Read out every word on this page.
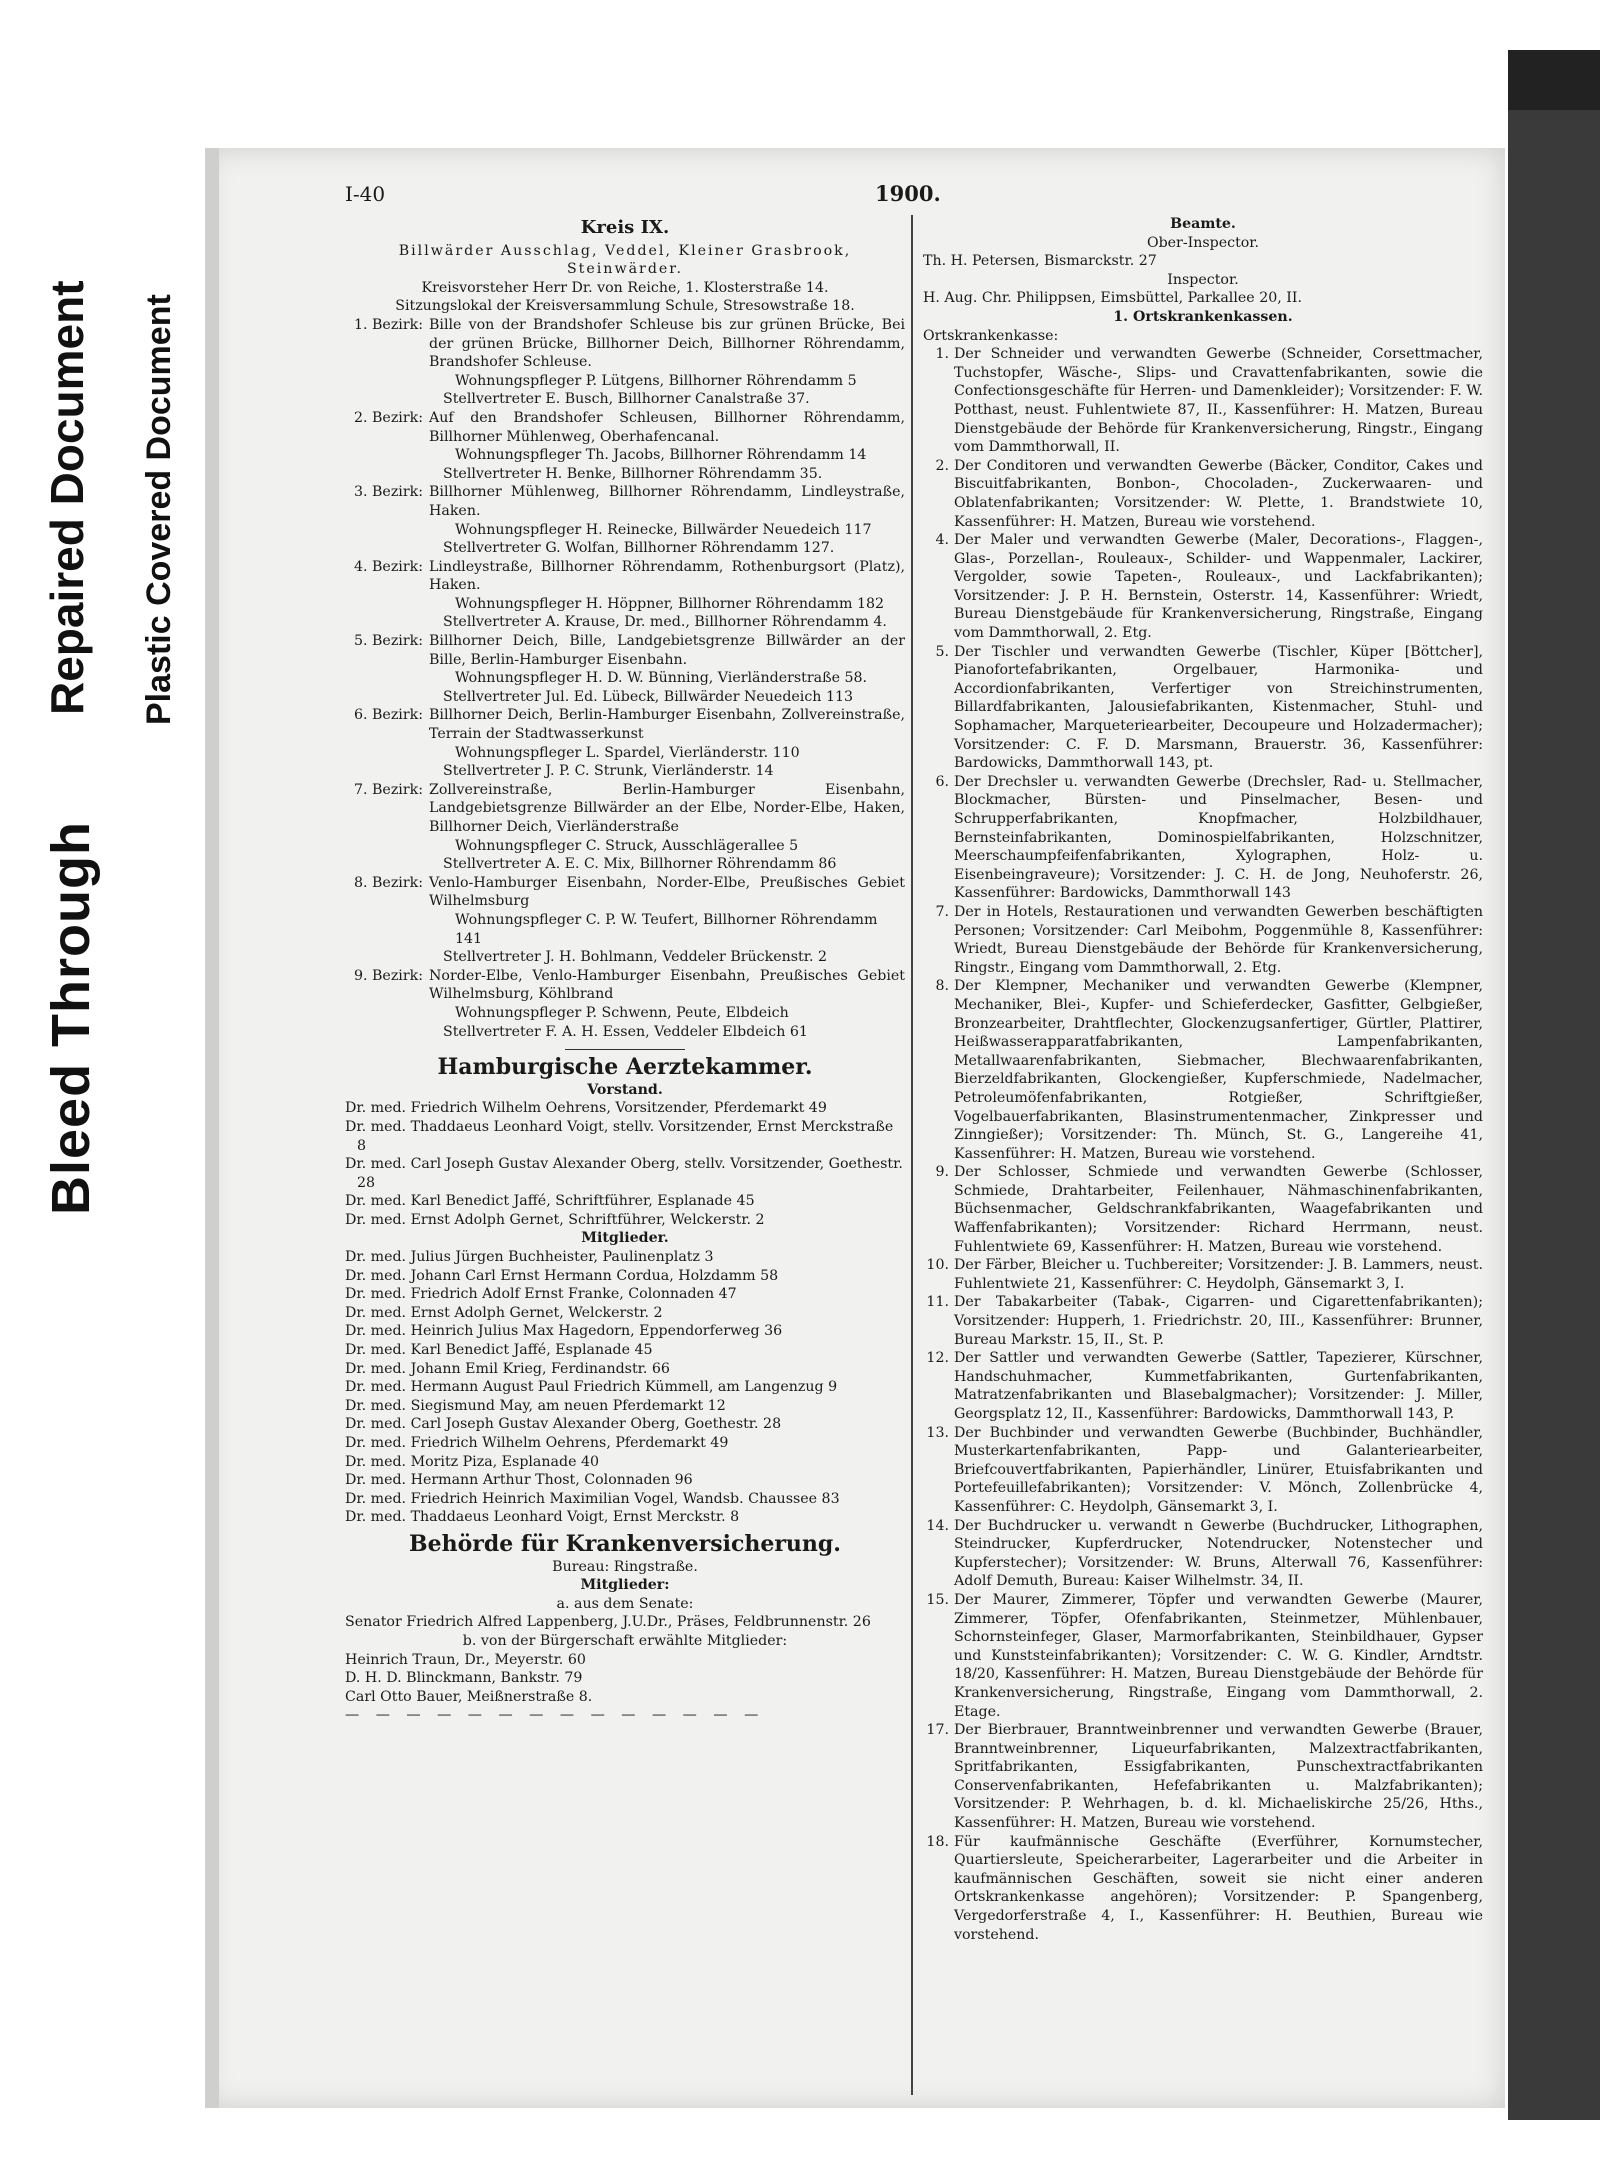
Bleed Through
Repaired Document Plastic Covered Document
I-40	1900.
Kreis IX.
Billwärder Ausschlag, Veddel, Kleiner Grasbrook, Steinwärder.
Kreisvorsteher Herr Dr. von Reiche, 1. Klosterstraße 14.
Sitzungslokal der Kreisversammlung Schule, Stresowstraße 18.
1. Bezirk: Bille von der Brandshofer Schleuse bis zur grünen Brücke, Bei der grünen Brücke, Billhorner Deich, Billhorner Röhrendamm, Brandshofer Schleuse.
Wohnungspfleger P. Lütgens, Billhorner Röhrendamm 5
Stellvertreter E. Busch, Billhorner Canalstraße 37.
2. Bezirk: Auf den Brandshofer Schleusen, Billhorner Röhrendamm, Billhorner Mühlenweg, Oberhafencanal.
Wohnungspfleger Th. Jacobs, Billhorner Röhrendamm 14
Stellvertreter H. Benke, Billhorner Röhrendamm 35.
3. Bezirk: Billhorner Mühlenweg, Billhorner Röhrendamm, Lindleystraße, Haken.
Wohnungspfleger H. Reinecke, Billwärder Neuedeich 117
Stellvertreter G. Wolfan, Billhorner Röhrendamm 127.
4. Bezirk: Lindleystraße, Billhorner Röhrendamm, Rothenburgsort (Platz), Haken.
Wohnungspfleger H. Höppner, Billhorner Röhrendamm 182
Stellvertreter A. Krause, Dr. med., Billhorner Röhrendamm 4.
5. Bezirk: Billhorner Deich, Bille, Landgebietsgrenze Billwärder an der Bille, Berlin-Hamburger Eisenbahn.
Wohnungspfleger H. D. W. Bünning, Vierländerstraße 58.
Stellvertreter Jul. Ed. Lübeck, Billwärder Neuedeich 113
6. Bezirk: Billhorner Deich, Berlin-Hamburger Eisenbahn, Zollvereinstraße, Terrain der Stadtwasserkunst
Wohnungspfleger L. Spardel, Vierländerstr. 110
Stellvertreter J. P. C. Strunk, Vierländerstr. 14
7. Bezirk: Zollvereinstraße, Berlin-Hamburger Eisenbahn, Landgebietsgrenze Billwärder an der Elbe, Norder-Elbe, Haken, Billhorner Deich, Vierländerstraße
Wohnungspfleger C. Struck, Ausschlägerallee 5
Stellvertreter A. E. C. Mix, Billhorner Röhrendamm 86
8. Bezirk: Venlo-Hamburger Eisenbahn, Norder-Elbe, Preußisches Gebiet Wilhelmsburg
Wohnungspfleger C. P. W. Teufert, Billhorner Röhrendamm 141
Stellvertreter J. H. Bohlmann, Veddeler Brückenstr. 2
9. Bezirk: Norder-Elbe, Venlo-Hamburger Eisenbahn, Preußisches Gebiet Wilhelmsburg, Köhlbrand
Wohnungspfleger P. Schwenn, Peute, Elbdeich
Stellvertreter F. A. H. Essen, Veddeler Elbdeich 61
Hamburgische Aerztekammer.
Vorstand.
Dr. med. Friedrich Wilhelm Oehrens, Vorsitzender, Pferdemarkt 49
Dr. med. Thaddaeus Leonhard Voigt, stellv. Vorsitzender, Ernst Merckstraße 8
Dr. med. Carl Joseph Gustav Alexander Oberg, stellv. Vorsitzender, Goethestr. 28
Dr. med. Karl Benedict Jaffé, Schriftführer, Esplanade 45
Dr. med. Ernst Adolph Gernet, Schriftführer, Welckerstr. 2
Mitglieder.
Dr. med. Julius Jürgen Buchheister, Paulinenplatz 3
Dr. med. Johann Carl Ernst Hermann Cordua, Holzdamm 58
Dr. med. Friedrich Adolf Ernst Franke, Colonnaden 47
Dr. med. Ernst Adolph Gernet, Welckerstr. 2
Dr. med. Heinrich Julius Max Hagedorn, Eppendorferweg 36
Dr. med. Karl Benedict Jaffé, Esplanade 45
Dr. med. Johann Emil Krieg, Ferdinandstr. 66
Dr. med. Hermann August Paul Friedrich Kümmell, am Langenzug 9
Dr. med. Siegismund May, am neuen Pferdemarkt 12
Dr. med. Carl Joseph Gustav Alexander Oberg, Goethestr. 28
Dr. med. Friedrich Wilhelm Oehrens, Pferdemarkt 49
Dr. med. Moritz Piza, Esplanade 40
Dr. med. Hermann Arthur Thost, Colonnaden 96
Dr. med. Friedrich Heinrich Maximilian Vogel, Wandsb. Chaussee 83
Dr. med. Thaddaeus Leonhard Voigt, Ernst Merckstr. 8
Behörde für Krankenversicherung.
Bureau: Ringstraße.
Mitglieder:
a. aus dem Senate:
Senator Friedrich Alfred Lappenberg, J.U.Dr., Präses, Feldbrunnenstr. 26
b. von der Bürgerschaft erwählte Mitglieder:
Heinrich Traun, Dr., Meyerstr. 60
D. H. D. Blinckmann, Bankstr. 79
Carl Otto Bauer, Meißnerstraße 8.
— — — — — — — — — — — — — —
Beamte.
Ober-Inspector.
Th. H. Petersen, Bismarckstr. 27
Inspector.
H. Aug. Chr. Philippsen, Eimsbüttel, Parkallee 20, II.
1. Ortskrankenkassen.
Ortskrankenkasse:
1. Der Schneider und verwandten Gewerbe (Schneider, Corsettmacher, Tuchstopfer, Wäsche-, Slips- und Cravattenfabrikanten, sowie die Confectionsgeschäfte für Herren- und Damenkleider); Vorsitzender: F. W. Potthast, neust. Fuhlentwiete 87, II., Kassenführer: H. Matzen, Bureau Dienstgebäude der Behörde für Krankenversicherung, Ringstr., Eingang vom Dammthorwall, II.
2. Der Conditoren und verwandten Gewerbe (Bäcker, Conditor, Cakes und Biscuitfabrikanten, Bonbon-, Chocoladen-, Zuckerwaaren- und Oblatenfabrikanten; Vorsitzender: W. Plette, 1. Brandstwiete 10, Kassenführer: H. Matzen, Bureau wie vorstehend.
4. Der Maler und verwandten Gewerbe (Maler, Decorations-, Flaggen-, Glas-, Porzellan-, Rouleaux-, Schilder- und Wappenmaler, Lackirer, Vergolder, sowie Tapeten-, Rouleaux-, und Lackfabrikanten); Vorsitzender: J. P. H. Bernstein, Osterstr. 14, Kassenführer: Wriedt, Bureau Dienstgebäude für Krankenversicherung, Ringstraße, Eingang vom Dammthorwall, 2. Etg.
5. Der Tischler und verwandten Gewerbe (Tischler, Küper [Böttcher], Pianofortefabrikanten, Orgelbauer, Harmonika- und Accordionfabrikanten, Verfertiger von Streichinstrumenten, Billardfabrikanten, Jalousiefabrikanten, Kistenmacher, Stuhl- und Sophamacher, Marqueteriearbeiter, Decoupeure und Holzadermacher); Vorsitzender: C. F. D. Marsmann, Brauerstr. 36, Kassenführer: Bardowicks, Dammthorwall 143, pt.
6. Der Drechsler u. verwandten Gewerbe (Drechsler, Rad- u. Stellmacher, Blockmacher, Bürsten- und Pinselmacher, Besen- und Schrupperfabrikanten, Knopfmacher, Holzbildhauer, Bernsteinfabrikanten, Dominospielfabrikanten, Holzschnitzer, Meerschaumpfeifenfabrikanten, Xylographen, Holz- u. Eisenbeingraveure); Vorsitzender: J. C. H. de Jong, Neuhoferstr. 26, Kassenführer: Bardowicks, Dammthorwall 143
7. Der in Hotels, Restaurationen und verwandten Gewerben beschäftigten Personen; Vorsitzender: Carl Meibohm, Poggenmühle 8, Kassenführer: Wriedt, Bureau Dienstgebäude der Behörde für Krankenversicherung, Ringstr., Eingang vom Dammthorwall, 2. Etg.
8. Der Klempner, Mechaniker und verwandten Gewerbe (Klempner, Mechaniker, Blei-, Kupfer- und Schieferdecker, Gasfitter, Gelbgießer, Bronzearbeiter, Drahtflechter, Glockenzugsanfertiger, Gürtler, Plattirer, Heißwasserapparatfabrikanten, Lampenfabrikanten, Metallwaarenfabrikanten, Siebmacher, Blechwaarenfabrikanten, Bierzeldfabrikanten, Glockengießer, Kupferschmiede, Nadelmacher, Petroleumöfenfabrikanten, Rotgießer, Schriftgießer, Vogelbauerfabrikanten, Blasinstrumentenmacher, Zinkpresser und Zinngießer); Vorsitzender: Th. Münch, St. G., Langereihe 41, Kassenführer: H. Matzen, Bureau wie vorstehend.
9. Der Schlosser, Schmiede und verwandten Gewerbe (Schlosser, Schmiede, Drahtarbeiter, Feilenhauer, Nähmaschinenfabrikanten, Büchsenmacher, Geldschrankfabrikanten, Waagefabrikanten und Waffenfabrikanten); Vorsitzender: Richard Herrmann, neust. Fuhlentwiete 69, Kassenführer: H. Matzen, Bureau wie vorstehend.
10. Der Färber, Bleicher u. Tuchbereiter; Vorsitzender: J. B. Lammers, neust. Fuhlentwiete 21, Kassenführer: C. Heydolph, Gänsemarkt 3, I.
11. Der Tabakarbeiter (Tabak-, Cigarren- und Cigarettenfabrikanten); Vorsitzender: Hupperh, 1. Friedrichstr. 20, III., Kassenführer: Brunner, Bureau Markstr. 15, II., St. P.
12. Der Sattler und verwandten Gewerbe (Sattler, Tapezierer, Kürschner, Handschuhmacher, Kummetfabrikanten, Gurtenfabrikanten, Matratzenfabrikanten und Blasebalgmacher); Vorsitzender: J. Miller, Georgsplatz 12, II., Kassenführer: Bardowicks, Dammthorwall 143, P.
13. Der Buchbinder und verwandten Gewerbe (Buchbinder, Buchhändler, Musterkartenfabrikanten, Papp- und Galanteriearbeiter, Briefcouvertfabrikanten, Papierhändler, Linürer, Etuisfabrikanten und Portefeuillefabrikanten); Vorsitzender: V. Mönch, Zollenbrücke 4, Kassenführer: C. Heydolph, Gänsemarkt 3, I.
14. Der Buchdrucker u. verwandt n Gewerbe (Buchdrucker, Lithographen, Steindrucker, Kupferdrucker, Notendrucker, Notenstecher und Kupferstecher); Vorsitzender: W. Bruns, Alterwall 76, Kassenführer: Adolf Demuth, Bureau: Kaiser Wilhelmstr. 34, II.
15. Der Maurer, Zimmerer, Töpfer und verwandten Gewerbe (Maurer, Zimmerer, Töpfer, Ofenfabrikanten, Steinmetzer, Mühlenbauer, Schornsteinfeger, Glaser, Marmorfabrikanten, Steinbildhauer, Gypser und Kunststeinfabrikanten); Vorsitzender: C. W. G. Kindler, Arndtstr. 18/20, Kassenführer: H. Matzen, Bureau Dienstgebäude der Behörde für Krankenversicherung, Ringstraße, Eingang vom Dammthorwall, 2. Etage.
17. Der Bierbrauer, Branntweinbrenner und verwandten Gewerbe (Brauer, Branntweinbrenner, Liqueurfabrikanten, Malzextractfabrikanten, Spritfabrikanten, Essigfabrikanten, Punschextractfabrikanten Conservenfabrikanten, Hefefabrikanten u. Malzfabrikanten); Vorsitzender: P. Wehrhagen, b. d. kl. Michaeliskirche 25/26, Hths., Kassenführer: H. Matzen, Bureau wie vorstehend.
18. Für kaufmännische Geschäfte (Everführer, Kornumstecher, Quartiersleute, Speicherarbeiter, Lagerarbeiter und die Arbeiter in kaufmännischen Geschäften, soweit sie nicht einer anderen Ortskrankenkasse angehören); Vorsitzender: P. Spangenberg, Vergedorferstraße 4, I., Kassenführer: H. Beuthien, Bureau wie vorstehend.
